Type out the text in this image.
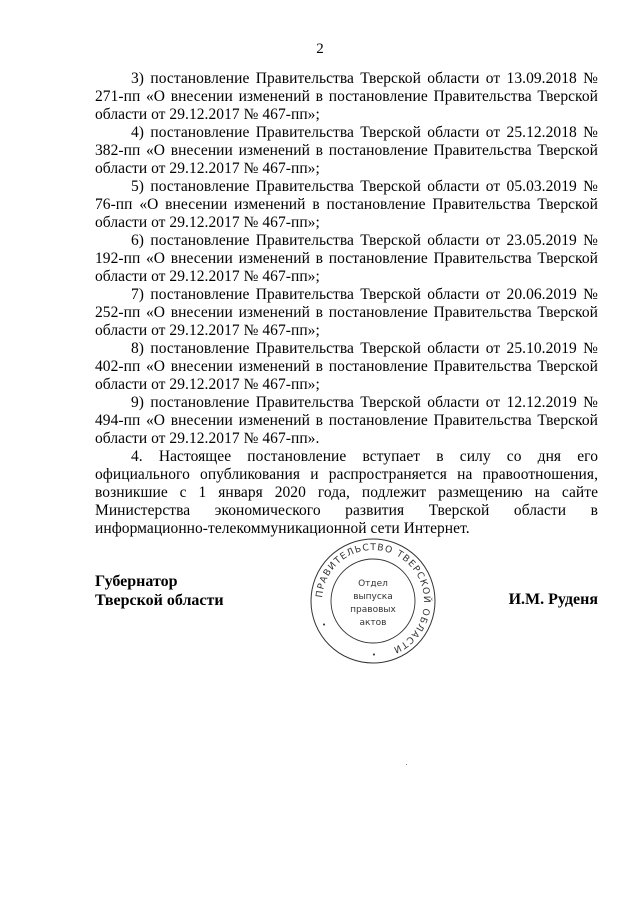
2

3) постановление Правительства Тверской области от 13.09.2018 № 271-пп «О внесении изменений в постановление Правительства Тверской области от 29.12.2017 № 467-пп»;

4) постановление Правительства Тверской области от 25.12.2018 № 382-пп «О внесении изменений в постановление Правительства Тверской области от 29.12.2017 № 467-пп»;

5) постановление Правительства Тверской области от 05.03.2019 № 76-пп «О внесении изменений в постановление Правительства Тверской области от 29.12.2017 № 467-пп»;

6) постановление Правительства Тверской области от 23.05.2019 № 192-пп «О внесении изменений в постановление Правительства Тверской области от 29.12.2017 № 467-пп»;

7) постановление Правительства Тверской области от 20.06.2019 № 252-пп «О внесении изменений в постановление Правительства Тверской области от 29.12.2017 № 467-пп»;

8) постановление Правительства Тверской области от 25.10.2019 № 402-пп «О внесении изменений в постановление Правительства Тверской области от 29.12.2017 № 467-пп»;

9) постановление Правительства Тверской области от 12.12.2019 № 494-пп «О внесении изменений в постановление Правительства Тверской области от 29.12.2017 № 467-пп».

4. Настоящее постановление вступает в силу со дня его официального опубликования и распространяется на правоотношения, возникшие с 1 января 2020 года, подлежит размещению на сайте Министерства экономического развития Тверской области в информационно-телекоммуникационной сети Интернет.

Губернатор
Тверской области	ПРАВИТЕЛЬСТВО ТВЕРСКОЙ ОБЛАСТИ
•
•
Отдел
выпуска
правовых
актов
И.М. Руденя
